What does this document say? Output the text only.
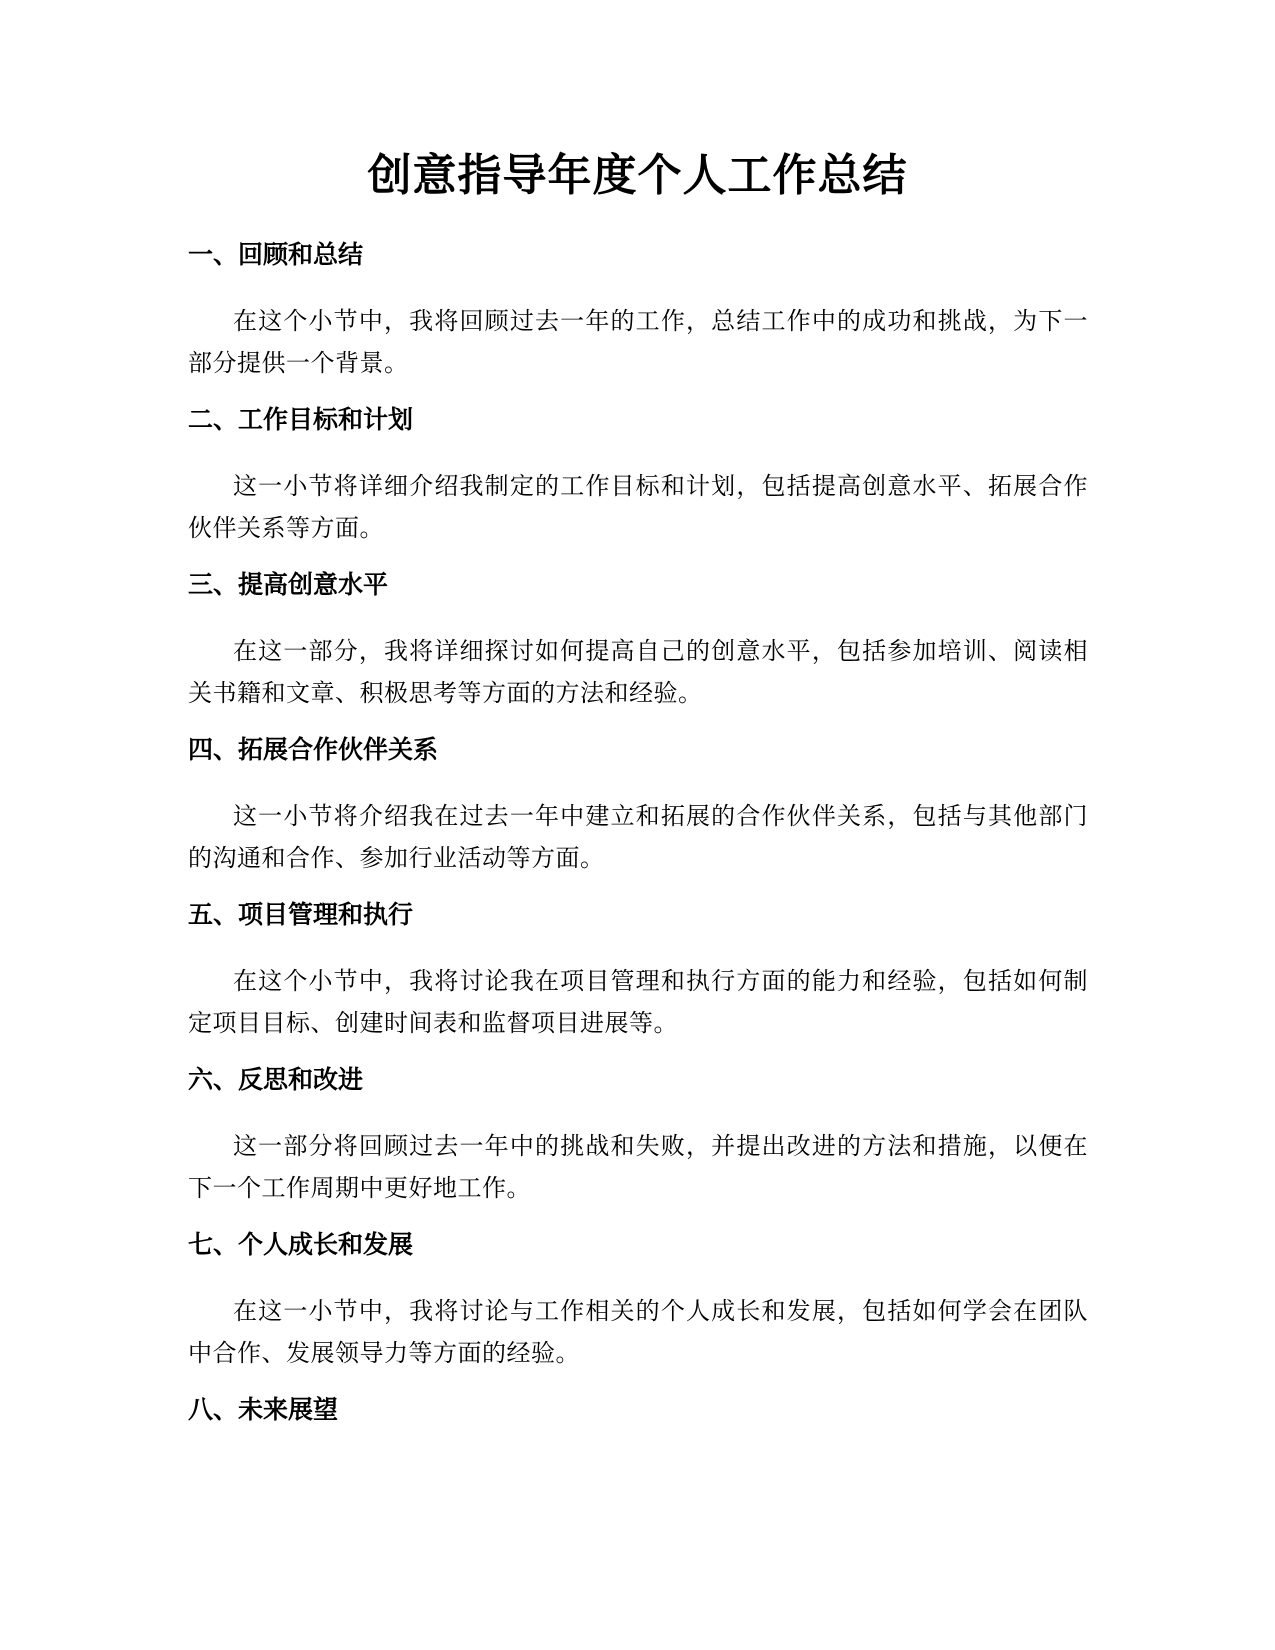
创意指导年度个人工作总结
一、回顾和总结

在这个小节中，我将回顾过去一年的工作，总结工作中的成功和挑战，为下一部分提供一个背景。

二、工作目标和计划

这一小节将详细介绍我制定的工作目标和计划，包括提高创意水平、拓展合作伙伴关系等方面。

三、提高创意水平

在这一部分，我将详细探讨如何提高自己的创意水平，包括参加培训、阅读相关书籍和文章、积极思考等方面的方法和经验。

四、拓展合作伙伴关系

这一小节将介绍我在过去一年中建立和拓展的合作伙伴关系，包括与其他部门的沟通和合作、参加行业活动等方面。

五、项目管理和执行

在这个小节中，我将讨论我在项目管理和执行方面的能力和经验，包括如何制定项目目标、创建时间表和监督项目进展等。

六、反思和改进

这一部分将回顾过去一年中的挑战和失败，并提出改进的方法和措施，以便在下一个工作周期中更好地工作。

七、个人成长和发展

在这一小节中，我将讨论与工作相关的个人成长和发展，包括如何学会在团队中合作、发展领导力等方面的经验。

八、未来展望
